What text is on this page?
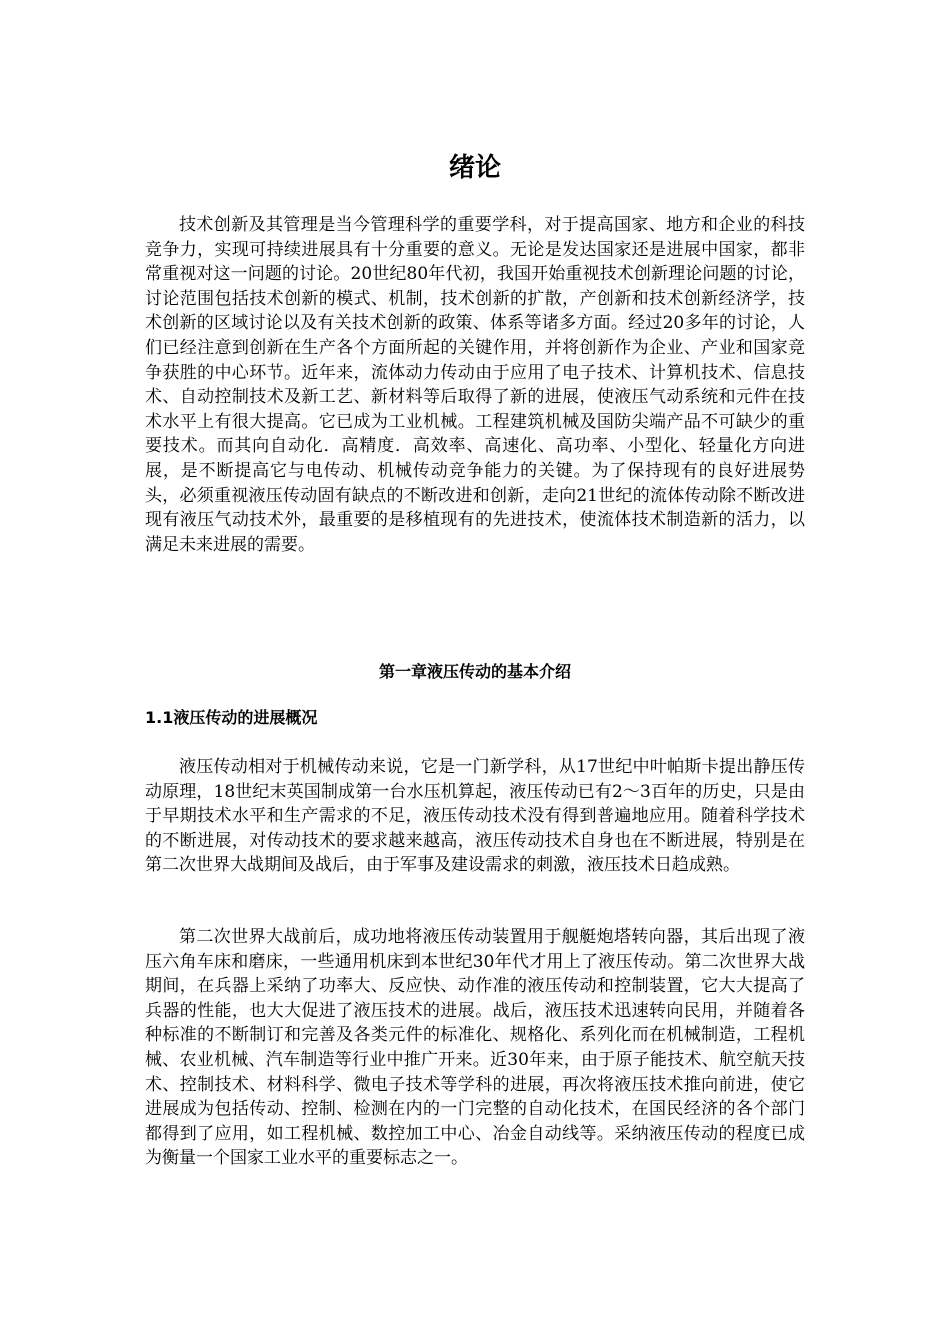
绪论

技术创新及其管理是当今管理科学的重要学科，对于提高国家、地方和企业的科技竞争力，实现可持续进展具有十分重要的意义。无论是发达国家还是进展中国家，都非常重视对这一问题的讨论。20世纪80年代初，我国开始重视技术创新理论问题的讨论，讨论范围包括技术创新的模式、机制，技术创新的扩散，产创新和技术创新经济学，技术创新的区域讨论以及有关技术创新的政策、体系等诸多方面。经过20多年的讨论，人们已经注意到创新在生产各个方面所起的关键作用，并将创新作为企业、产业和国家竞争获胜的中心环节。近年来，流体动力传动由于应用了电子技术、计算机技术、信息技术、自动控制技术及新工艺、新材料等后取得了新的进展，使液压气动系统和元件在技术水平上有很大提高。它已成为工业机械。工程建筑机械及国防尖端产品不可缺少的重要技术。而其向自动化．高精度．高效率、高速化、高功率、小型化、轻量化方向进展，是不断提高它与电传动、机械传动竞争能力的关键。为了保持现有的良好进展势头，必须重视液压传动固有缺点的不断改进和创新，走向21世纪的流体传动除不断改进现有液压气动技术外，最重要的是移植现有的先进技术，使流体技术制造新的活力，以满足未来进展的需要。

第一章液压传动的基本介绍
1.1液压传动的进展概况

液压传动相对于机械传动来说，它是一门新学科，从17世纪中叶帕斯卡提出静压传动原理，18世纪末英国制成第一台水压机算起，液压传动已有2～3百年的历史，只是由于早期技术水平和生产需求的不足，液压传动技术没有得到普遍地应用。随着科学技术的不断进展，对传动技术的要求越来越高，液压传动技术自身也在不断进展，特别是在第二次世界大战期间及战后，由于军事及建设需求的刺激，液压技术日趋成熟。

第二次世界大战前后，成功地将液压传动装置用于舰艇炮塔转向器，其后出现了液压六角车床和磨床，一些通用机床到本世纪30年代才用上了液压传动。第二次世界大战期间，在兵器上采纳了功率大、反应快、动作准的液压传动和控制装置，它大大提高了兵器的性能，也大大促进了液压技术的进展。战后，液压技术迅速转向民用，并随着各种标准的不断制订和完善及各类元件的标准化、规格化、系列化而在机械制造，工程机械、农业机械、汽车制造等行业中推广开来。近30年来，由于原子能技术、航空航天技术、控制技术、材料科学、微电子技术等学科的进展，再次将液压技术推向前进，使它进展成为包括传动、控制、检测在内的一门完整的自动化技术，在国民经济的各个部门都得到了应用，如工程机械、数控加工中心、冶金自动线等。采纳液压传动的程度已成为衡量一个国家工业水平的重要标志之一。
